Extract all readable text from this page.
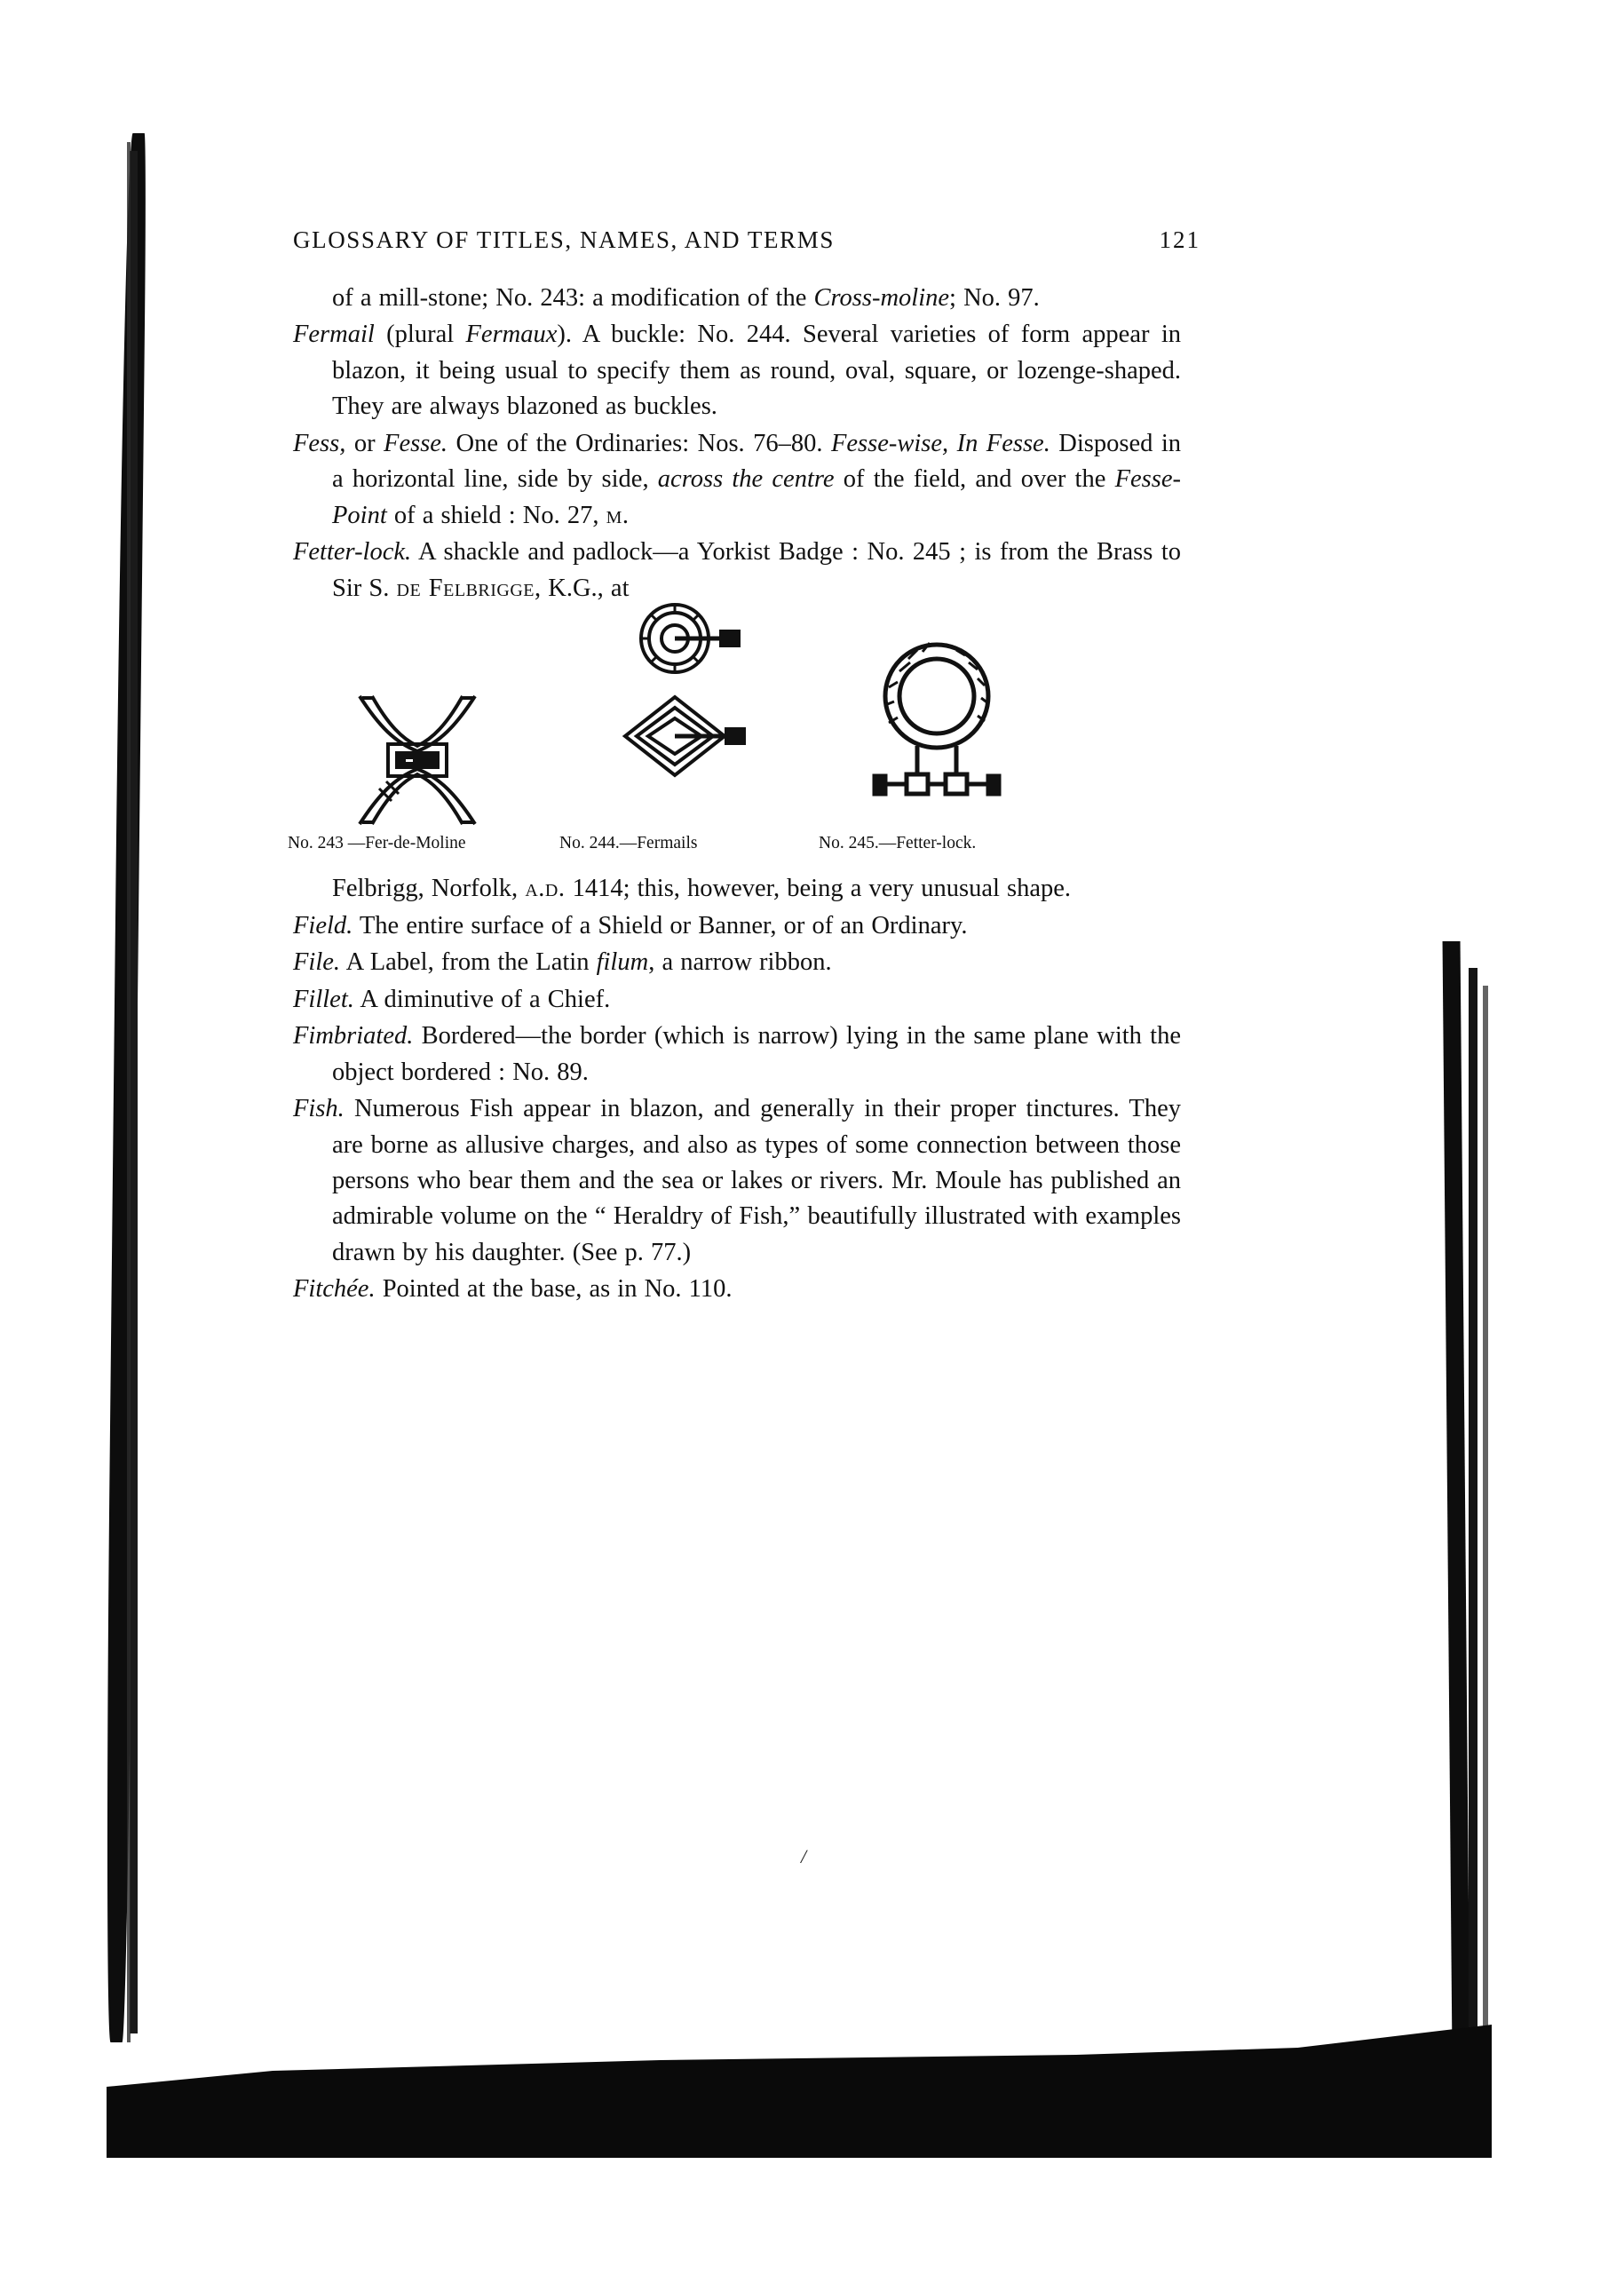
GLOSSARY OF TITLES, NAMES, AND TERMS	121

of a mill-stone; No. 243: a modification of the Cross-moline; No. 97.

Fermail (plural Fermaux). A buckle: No. 244. Several varieties of form appear in blazon, it being usual to specify them as round, oval, square, or lozenge-shaped. They are always blazoned as buckles.

Fess, or Fesse. One of the Ordinaries: Nos. 76–80. Fesse-wise, In Fesse. Disposed in a horizontal line, side by side, across the centre of the field, and over the Fesse-Point of a shield : No. 27, m.

Fetter-lock. A shackle and padlock—a Yorkist Badge : No. 245 ; is from the Brass to Sir S. de Felbrigge, K.G., at

No. 243 —Fer-de-Moline	No. 244.—Fermails	No. 245.—Fetter-lock.

Felbrigg, Norfolk, a.d. 1414; this, however, being a very unusual shape.

Field. The entire surface of a Shield or Banner, or of an Ordinary.

File. A Label, from the Latin filum, a narrow ribbon.

Fillet. A diminutive of a Chief.

Fimbriated. Bordered—the border (which is narrow) lying in the same plane with the object bordered : No. 89.

Fish. Numerous Fish appear in blazon, and generally in their proper tinctures. They are borne as allusive charges, and also as types of some connection between those persons who bear them and the sea or lakes or rivers. Mr. Moule has published an admirable volume on the “ Heraldry of Fish,” beautifully illustrated with examples drawn by his daughter. (See p. 77.)

Fitchée. Pointed at the base, as in No. 110.

/
